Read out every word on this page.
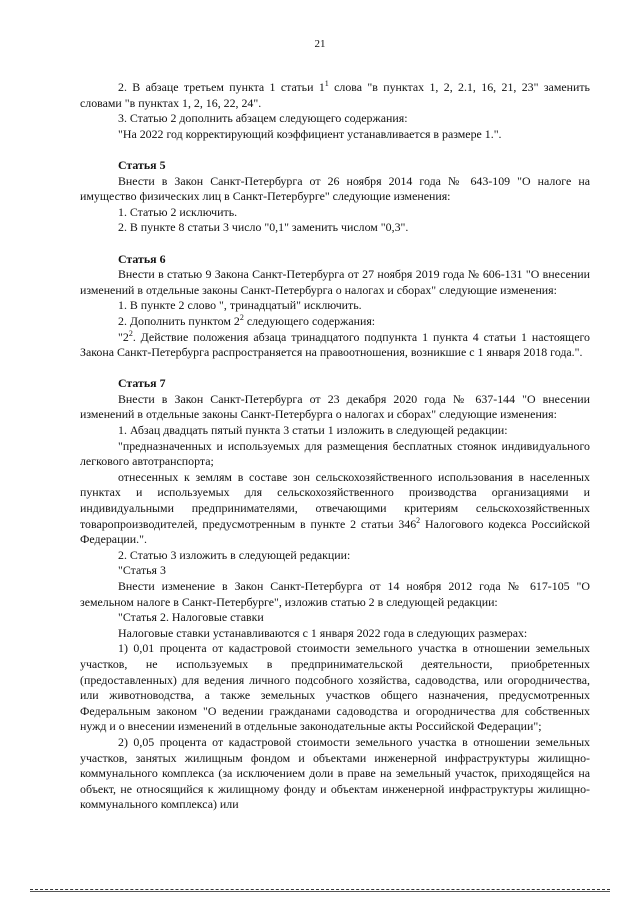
21

2. В абзаце третьем пункта 1 статьи $1^1$ слова "в пунктах 1, 2, 2.1, 16, 21, 23" заменить словами "в пунктах 1, 2, 16, 22, 24".

3. Статью 2 дополнить абзацем следующего содержания:

"На 2022 год корректирующий коэффициент устанавливается в размере 1.".

Статья 5

Внести в Закон Санкт-Петербурга от 26 ноября 2014 года № 643-109 "О налоге на имущество физических лиц в Санкт-Петербурге" следующие изменения:

1. Статью 2 исключить.

2. В пункте 8 статьи 3 число "0,1" заменить числом "0,3".

Статья 6

Внести в статью 9 Закона Санкт-Петербурга от 27 ноября 2019 года № 606-131 "О внесении изменений в отдельные законы Санкт-Петербурга о налогах и сборах" следующие изменения:

1. В пункте 2 слово ", тринадцатый" исключить.

2. Дополнить пунктом $2^2$ следующего содержания:

"$2^2$. Действие положения абзаца тринадцатого подпункта 1 пункта 4 статьи 1 настоящего Закона Санкт-Петербурга распространяется на правоотношения, возникшие с 1 января 2018 года.".

Статья 7

Внести в Закон Санкт-Петербурга от 23 декабря 2020 года № 637-144 "О внесении изменений в отдельные законы Санкт-Петербурга о налогах и сборах" следующие изменения:

1. Абзац двадцать пятый пункта 3 статьи 1 изложить в следующей редакции:

"предназначенных и используемых для размещения бесплатных стоянок индивидуального легкового автотранспорта;

отнесенных к землям в составе зон сельскохозяйственного использования в населенных пунктах и используемых для сельскохозяйственного производства организациями и индивидуальными предпринимателями, отвечающими критериям сельскохозяйственных товаропроизводителей, предусмотренным в пункте 2 статьи $346^2$ Налогового кодекса Российской Федерации.".

2. Статью 3 изложить в следующей редакции:

"Статья 3

Внести изменение в Закон Санкт-Петербурга от 14 ноября 2012 года № 617-105 "О земельном налоге в Санкт-Петербурге", изложив статью 2 в следующей редакции:

"Статья 2. Налоговые ставки

Налоговые ставки устанавливаются с 1 января 2022 года в следующих размерах:

1) 0,01 процента от кадастровой стоимости земельного участка в отношении земельных участков, не используемых в предпринимательской деятельности, приобретенных (предоставленных) для ведения личного подсобного хозяйства, садоводства, или огородничества, или животноводства, а также земельных участков общего назначения, предусмотренных Федеральным законом "О ведении гражданами садоводства и огородничества для собственных нужд и о внесении изменений в отдельные законодательные акты Российской Федерации";

2) 0,05 процента от кадастровой стоимости земельного участка в отношении земельных участков, занятых жилищным фондом и объектами инженерной инфраструктуры жилищно-коммунального комплекса (за исключением доли в праве на земельный участок, приходящейся на объект, не относящийся к жилищному фонду и объектам инженерной инфраструктуры жилищно-коммунального комплекса) или
